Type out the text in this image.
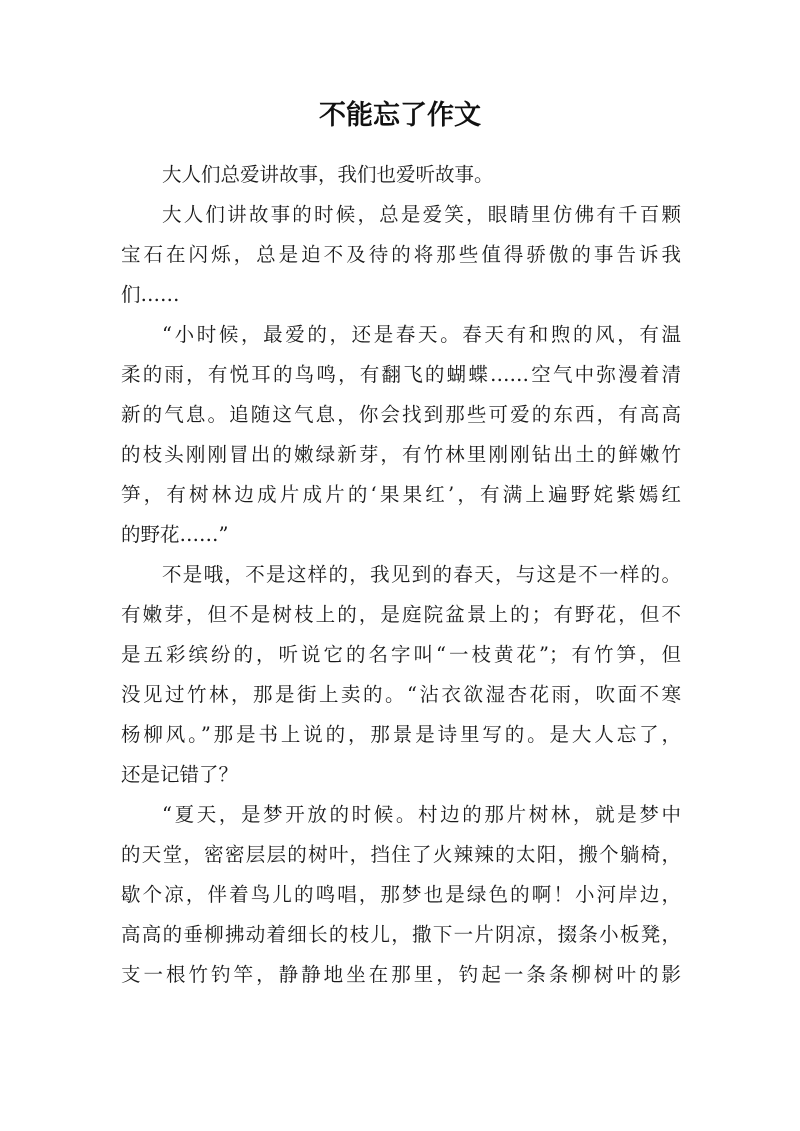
不能忘了作文
大人们总爱讲故事，我们也爱听故事。
大人们讲故事的时候，总是爱笑，眼睛里仿佛有千百颗
宝石在闪烁，总是迫不及待的将那些值得骄傲的事告诉我
们……
“小时候，最爱的，还是春天。春天有和煦的风，有温
柔的雨，有悦耳的鸟鸣，有翻飞的蝴蝶……空气中弥漫着清
新的气息。追随这气息，你会找到那些可爱的东西，有高高
的枝头刚刚冒出的嫩绿新芽，有竹林里刚刚钻出土的鲜嫩竹
笋，有树林边成片成片的‘果果红’，有满上遍野姹紫嫣红
的野花……”
不是哦，不是这样的，我见到的春天，与这是不一样的。
有嫩芽，但不是树枝上的，是庭院盆景上的；有野花，但不
是五彩缤纷的，听说它的名字叫“一枝黄花”；有竹笋，但
没见过竹林，那是街上卖的。“沾衣欲湿杏花雨，吹面不寒
杨柳风。”那是书上说的，那景是诗里写的。是大人忘了，
还是记错了？
“夏天，是梦开放的时候。村边的那片树林，就是梦中
的天堂，密密层层的树叶，挡住了火辣辣的太阳，搬个躺椅，
歇个凉，伴着鸟儿的鸣唱，那梦也是绿色的啊！小河岸边，
高高的垂柳拂动着细长的枝儿，撒下一片阴凉，掇条小板凳，
支一根竹钓竿，静静地坐在那里，钓起一条条柳树叶的影
